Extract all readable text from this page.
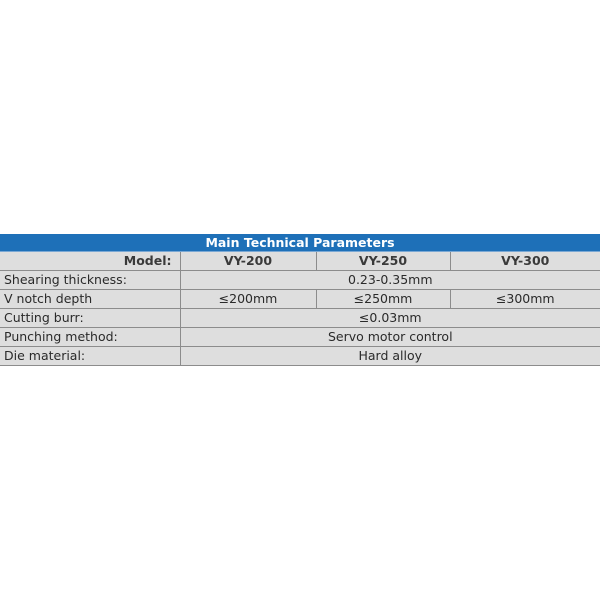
Main Technical Parameters			
Model:	VY-200	VY-250	VY-300
Shearing thickness:	0.23-0.35mm		
V notch depth	≤200mm	≤250mm	≤300mm
Cutting burr:	≤0.03mm		
Punching method:	Servo motor control		
Die material:	Hard alloy		
